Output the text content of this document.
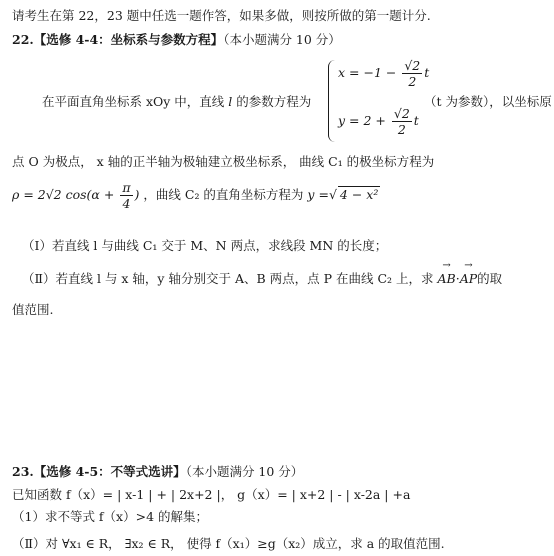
请考生在第 22，23 题中任选一题作答，如果多做，则按所做的第一题计分.
22.【选修 4-4：坐标系与参数方程】（本小题满分 10 分）
在平面直角坐标系 xOy 中，直线 l 的参数方程为
$x = -1 - \frac{√2}{2}$ t
$y = 2 + \frac{√2}{2}$ t
（t 为参数），以坐标原
点 O 为极点， x 轴的正半轴为极轴建立极坐标系， 曲线 C₁ 的极坐标方程为
ρ = 2√2 $\cos(\alpha + \frac{\pi}{4}$ ) ，曲线 C₂ 的直角坐标方程为 y =√ 4 − x²
（Ⅰ）若直线 l 与曲线 C₁ 交于 M、N 两点，求线段 MN 的长度；
（Ⅱ）若直线 l 与 x 轴，y 轴分别交于 A、B 两点，点 P 在曲线 C₂ 上，求 → AB·→ AP的取
值范围.
23.【选修 4-5：不等式选讲】（本小题满分 10 分）
已知函数 f（x）= | x-1 | + | 2x+2 |， g（x）= | x+2 | - | x-2a | +a
（1）求不等式 f（x）>4 的解集；
（Ⅱ）对 ∀x₁ ∈ R， ∃x₂ ∈ R， 使得 f（x₁）≥g（x₂）成立，求 a 的取值范围.
